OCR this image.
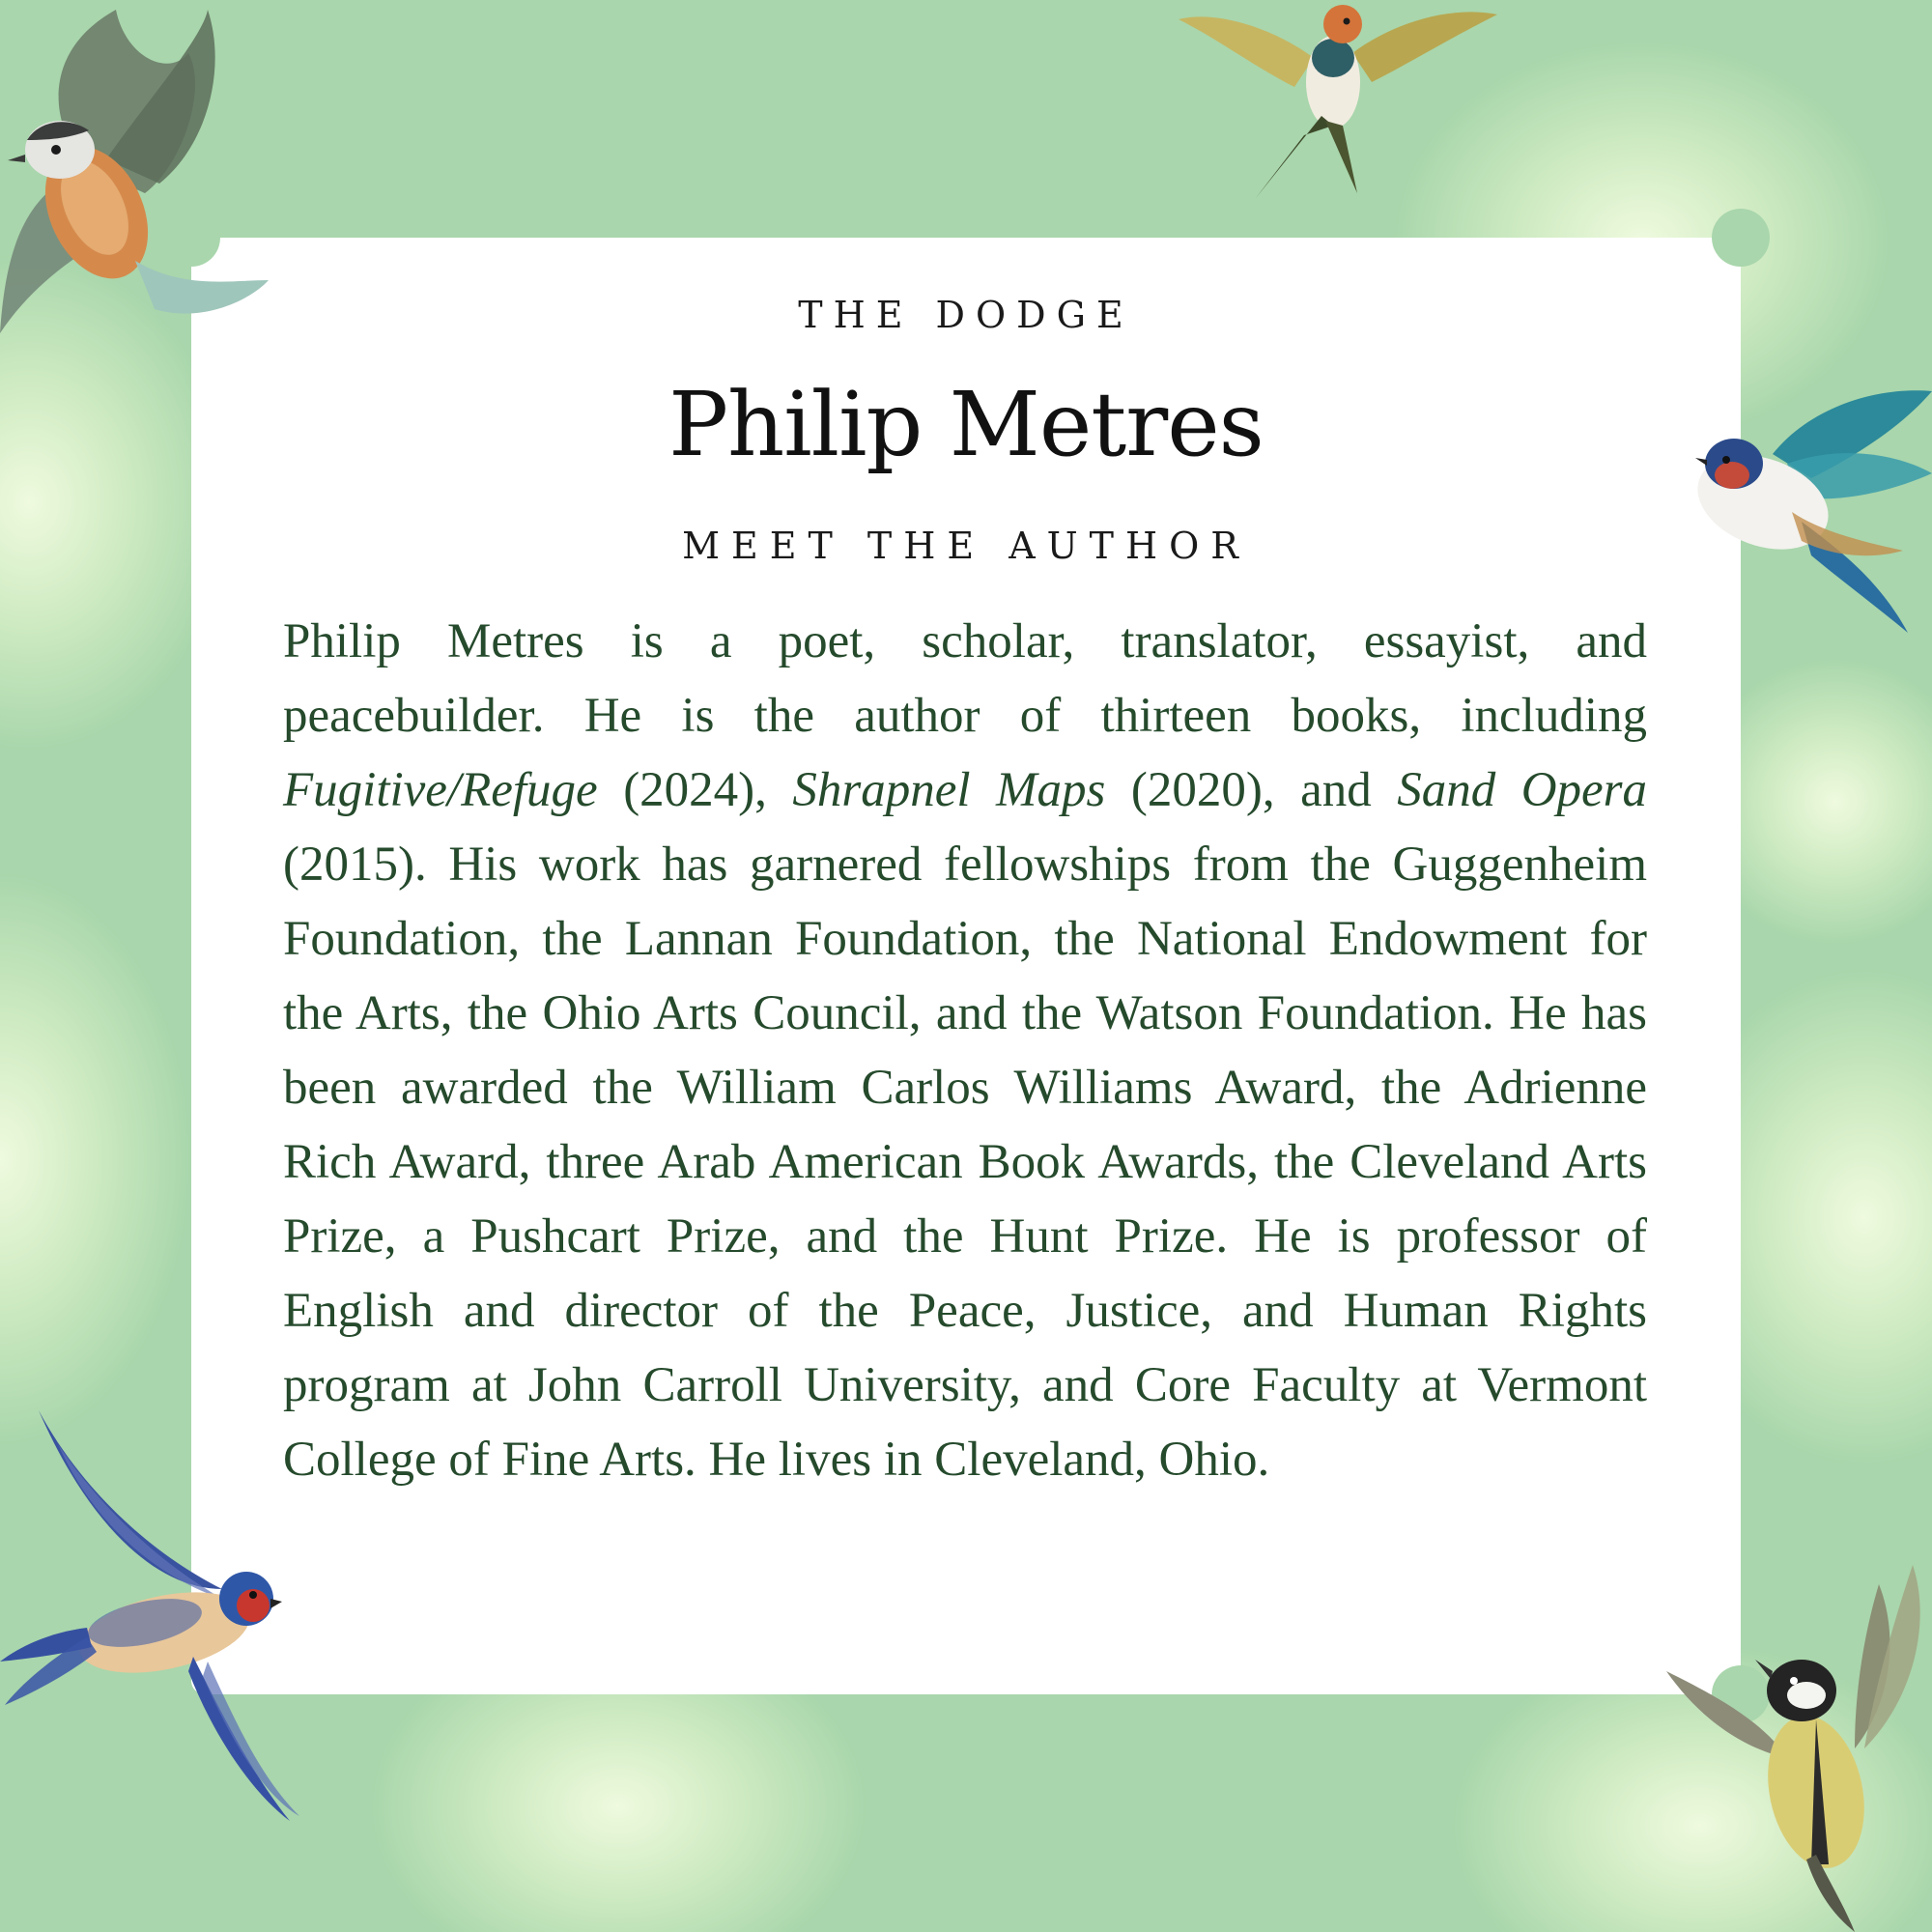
THE DODGE

Philip Metres

MEET THE AUTHOR

Philip Metres is a poet, scholar, translator, essayist, and peacebuilder. He is the author of thirteen books, including Fugitive/Refuge (2024), Shrapnel Maps (2020), and Sand Opera (2015). His work has garnered fellowships from the Guggenheim Foundation, the Lannan Foundation, the National Endowment for the Arts, the Ohio Arts Council, and the Watson Foundation. He has been awarded the William Carlos Williams Award, the Adrienne Rich Award, three Arab American Book Awards, the Cleveland Arts Prize, a Pushcart Prize, and the Hunt Prize. He is professor of English and director of the Peace, Justice, and Human Rights program at John Carroll University, and Core Faculty at Vermont College of Fine Arts. He lives in Cleveland, Ohio.
